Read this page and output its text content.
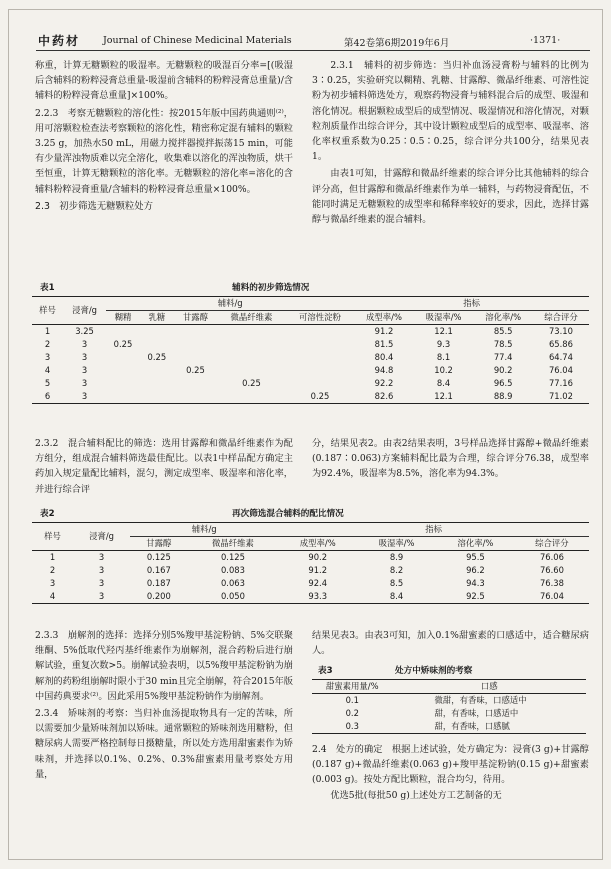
中药材 Journal of Chinese Medicinal Materials	第42卷第6期2019年6月	·1371·

称重，计算无糖颗粒的吸湿率。无糖颗粒的吸湿百分率=[(吸湿后含辅料的粉粹浸膏总重量-吸湿前含辅料的粉粹浸膏总重量)/含辅料的粉粹浸膏总重量]×100%。

2.2.3　考察无糖颗粒的溶化性：按2015年版中国药典通则⁽²⁾，用可溶颗粒检查法考察颗粒的溶化性，精密称定混有辅料的颗粒3.25 g，加热水50 mL，用磁力搅拌器搅拌振荡15 min，可能有少量浑浊物质难以完全溶化，收集难以溶化的浑浊物质，烘干至恒重，计算无糖颗粒的溶化率。无糖颗粒的溶化率=溶化的含辅料粉粹浸膏重量/含辅料的粉粹浸膏总重量×100%。

2.3　初步筛选无糖颗粒处方

2.3.1　辅料的初步筛选：当归补血汤浸膏粉与辅料的比例为3∶0.25，实验研究以糊精、乳糖、甘露醇、微晶纤维素、可溶性淀粉为初步辅料筛选处方，观察药物浸膏与辅料混合后的成型、吸湿和溶化情况。根据颗粒成型后的成型情况、吸湿情况和溶化情况，对颗粒剂质量作出综合评分，其中设计颗粒成型后的成型率、吸湿率、溶化率权重系数为0.25∶0.5∶0.25，综合评分共100分，结果见表1。

由表1可知，甘露醇和微晶纤维素的综合评分比其他辅料的综合评分高，但甘露醇和微晶纤维素作为单一辅料，与药物浸膏配伍，不能同时满足无糖颗粒的成型率和稀释率较好的要求，因此，选择甘露醇与微晶纤维素的混合辅料。

表1	辅料的初步筛选情况
样号	浸膏/g	辅料/g					指标			
		糊精	乳糖	甘露醇	微晶纤维素	可溶性淀粉	成型率/%	吸湿率/%	溶化率/%	综合评分
1	3.25						91.2	12.1	85.5	73.10
2	3	0.25					81.5	9.3	78.5	65.86
3	3		0.25				80.4	8.1	77.4	64.74
4	3			0.25			94.8	10.2	90.2	76.04
5	3				0.25		92.2	8.4	96.5	77.16
6	3					0.25	82.6	12.1	88.9	71.02

2.3.2　混合辅料配比的筛选：选用甘露醇和微晶纤维素作为配方组分，组成混合辅料筛选最佳配比。以表1中样品配方确定主药加入规定量配比辅料，混匀，测定成型率、吸湿率和溶化率，并进行综合评

分，结果见表2。由表2结果表明，3号样品选择甘露醇+微晶纤维素(0.187∶0.063)方案辅料配比最为合理，综合评分76.38，成型率为92.4%，吸湿率为8.5%，溶化率为94.3%。

表2	再次筛选混合辅料的配比情况
样号	浸膏/g	辅料/g		指标			
		甘露醇	微晶纤维素	成型率/%	吸湿率/%	溶化率/%	综合评分
1	3	0.125	0.125	90.2	8.9	95.5	76.06
2	3	0.167	0.083	91.2	8.2	96.2	76.60
3	3	0.187	0.063	92.4	8.5	94.3	76.38
4	3	0.200	0.050	93.3	8.4	92.5	76.04

2.3.3　崩解剂的选择：选择分别5%羧甲基淀粉钠、5%交联聚维酮、5%低取代羟丙基纤维素作为崩解剂，混合药粉后进行崩解试验，重复次数>5。崩解试验表明，以5%羧甲基淀粉钠为崩解剂的药粉组崩解时限小于30 min且完全崩解，符合2015年版中国药典要求⁽²⁾。因此采用5%羧甲基淀粉钠作为崩解剂。

2.3.4　矫味剂的考察：当归补血汤提取物具有一定的苦味，所以需要加少量矫味剂加以矫味。通常颗粒的矫味剂选用糖粉，但糖尿病人需要严格控制每日摄糖量，所以处方选用甜蜜素作为矫味剂，并选择以0.1%、0.2%、0.3%甜蜜素用量考察处方用量，

结果见表3。由表3可知，加入0.1%甜蜜素的口感适中，适合糖尿病人。

表3	处方中矫味剂的考察
甜蜜素用量/%	口感
0.1	微甜，有香味，口感适中
0.2	甜，有香味，口感适中
0.3	甜，有香味，口感腻

2.4　处方的确定　根据上述试验，处方确定为：浸膏(3 g)+甘露醇(0.187 g)+微晶纤维素(0.063 g)+羧甲基淀粉钠(0.15 g)+甜蜜素(0.003 g)。按处方配比颗粒，混合均匀，待用。

优选5批(每批50 g)上述处方工艺制备的无
